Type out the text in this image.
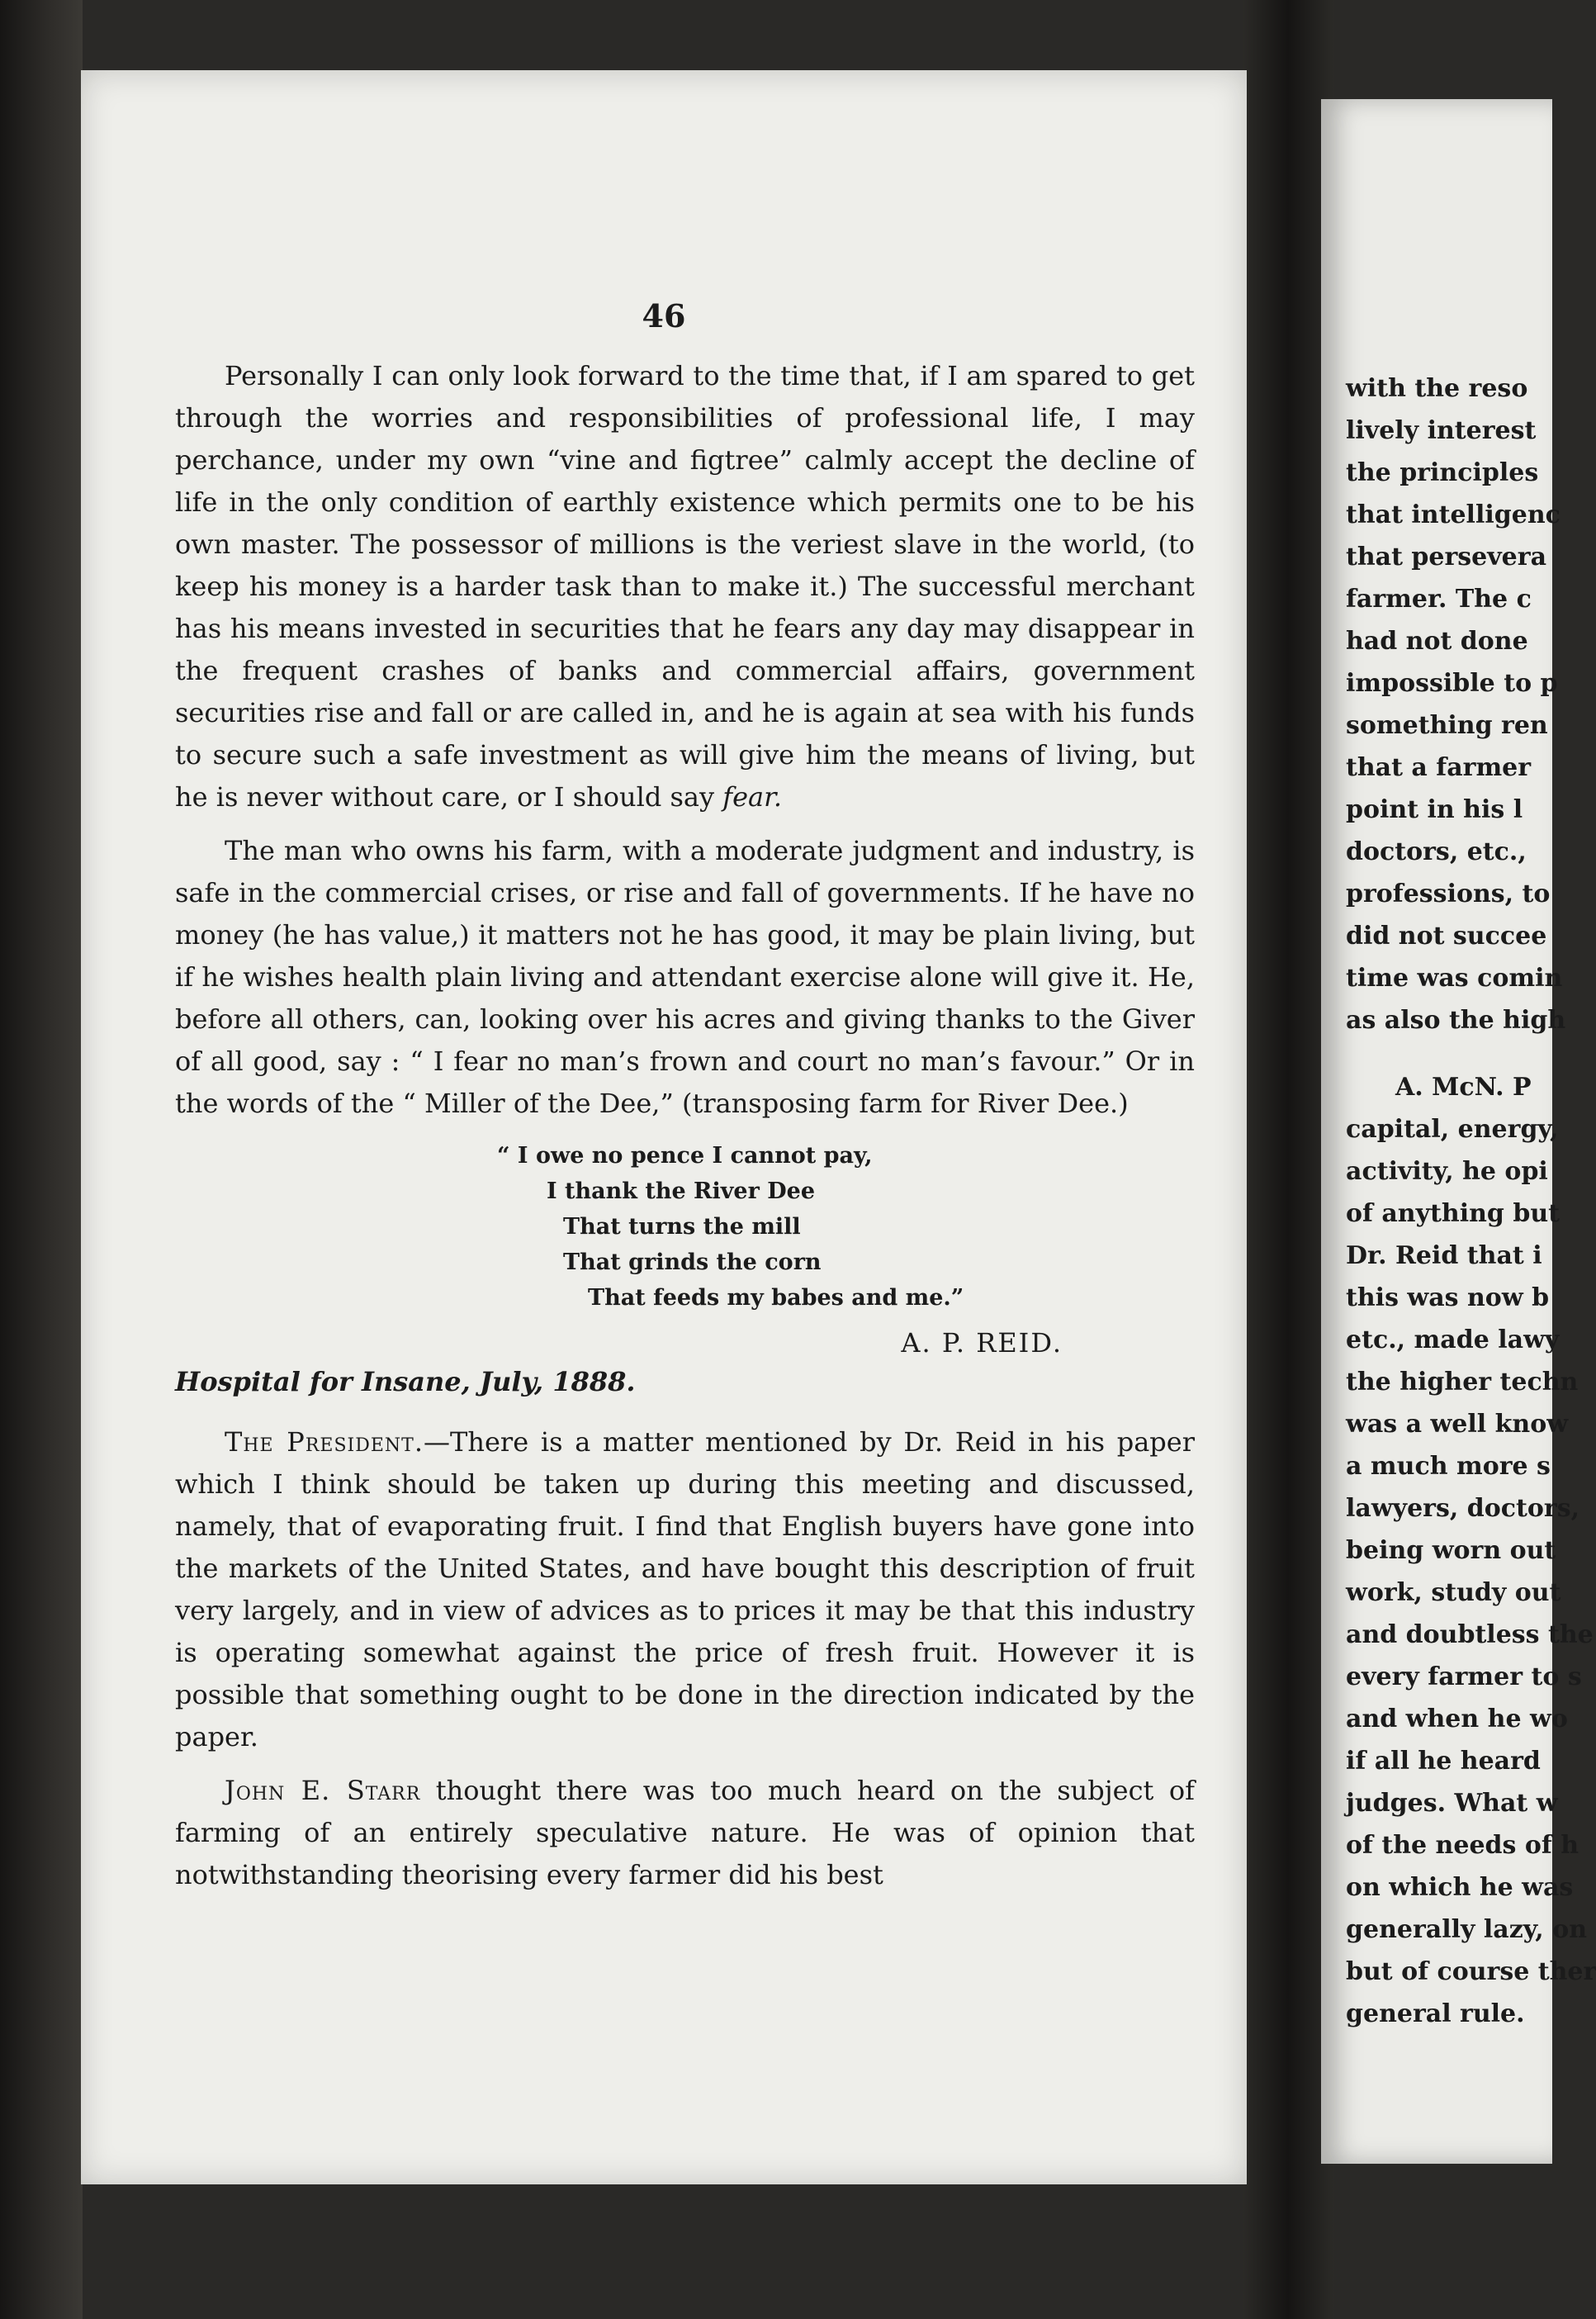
46

Personally I can only look forward to the time that, if I am spared to get through the worries and responsibilities of professional life, I may perchance, under my own “vine and figtree” calmly accept the decline of life in the only condition of earthly existence which permits one to be his own master. The possessor of millions is the veriest slave in the world, (to keep his money is a harder task than to make it.) The successful merchant has his means invested in securities that he fears any day may disappear in the frequent crashes of banks and commercial affairs, government securities rise and fall or are called in, and he is again at sea with his funds to secure such a safe investment as will give him the means of living, but he is never without care, or I should say fear.

The man who owns his farm, with a moderate judgment and industry, is safe in the commercial crises, or rise and fall of governments. If he have no money (he has value,) it matters not he has good, it may be plain living, but if he wishes health plain living and attendant exercise alone will give it. He, before all others, can, looking over his acres and giving thanks to the Giver of all good, say : “ I fear no man’s frown and court no man’s favour.” Or in the words of the “ Miller of the Dee,” (transposing farm for River Dee.)

“ I owe no pence I cannot pay,
I thank the River Dee
That turns the mill
That grinds the corn
That feeds my babes and me.”
A. P. REID.
Hospital for Insane, July, 1888.

The President.—There is a matter mentioned by Dr. Reid in his paper which I think should be taken up during this meeting and discussed, namely, that of evaporating fruit. I find that English buyers have gone into the markets of the United States, and have bought this description of fruit very largely, and in view of advices as to prices it may be that this industry is operating somewhat against the price of fresh fruit. However it is possible that something ought to be done in the direction indicated by the paper.

John E. Starr thought there was too much heard on the subject of farming of an entirely speculative nature. He was of opinion that notwithstanding theorising every farmer did his best

with the reso
lively interest
the principles
that intelligenc
that persevera
farmer. The c
had not done
impossible to p
something ren
that a farmer
point in his l
doctors, etc.,
professions, to
did not succee
time was comin
as also the high
A. McN. P
capital, energy,
activity, he opi
of anything but
Dr. Reid that i
this was now b
etc., made lawy
the higher techn
was a well know
a much more s
lawyers, doctors,
being worn out
work, study out
and doubtless the
every farmer to s
and when he wo
if all he heard
judges. What w
of the needs of h
on which he was
generally lazy, on
but of course ther
general rule.
